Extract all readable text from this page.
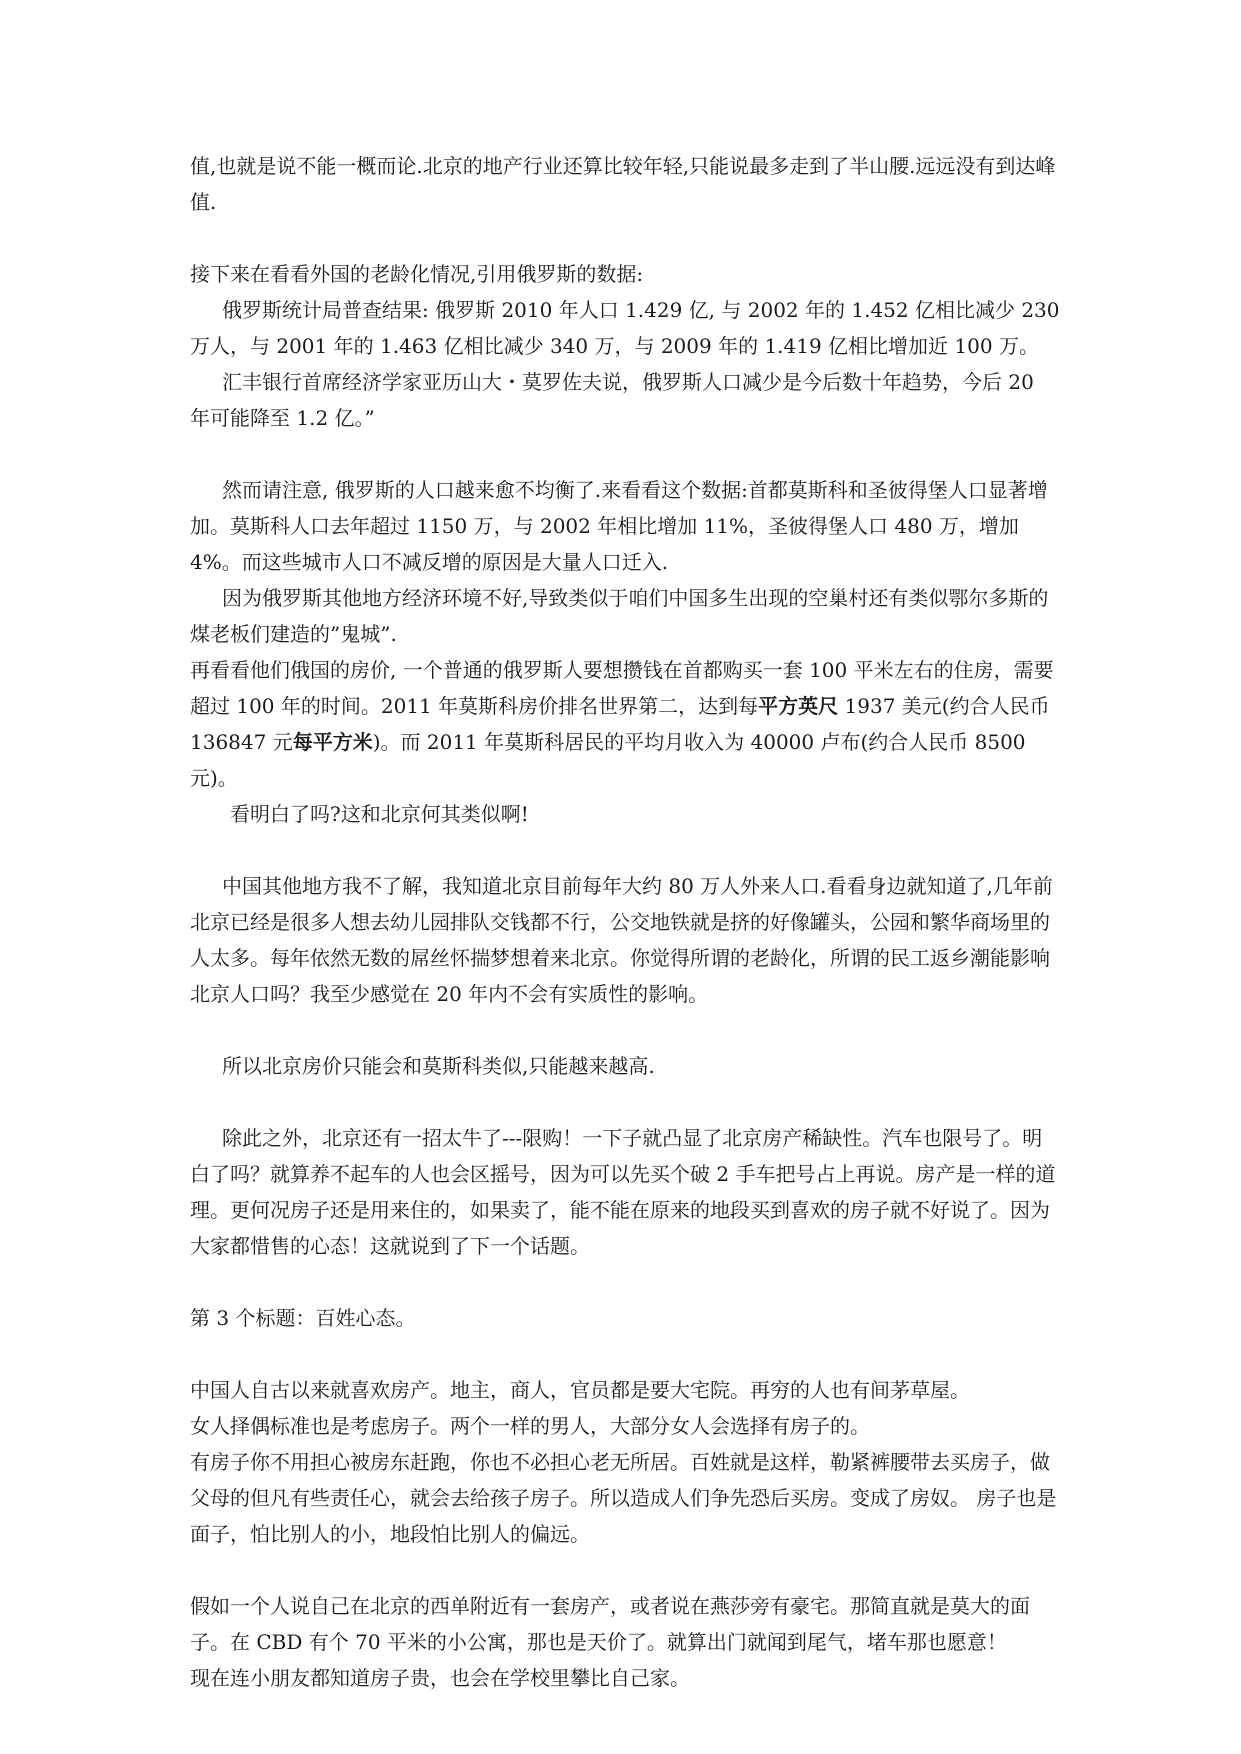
值,也就是说不能一概而论.北京的地产行业还算比较年轻,只能说最多走到了半山腰.远远没有到达峰值.

接下来在看看外国的老龄化情况,引用俄罗斯的数据:

俄罗斯统计局普查结果: 俄罗斯 2010 年人口 1.429 亿, 与 2002 年的 1.452 亿相比减少 230 万人，与 2001 年的 1.463 亿相比减少 340 万，与 2009 年的 1.419 亿相比增加近 100 万。

汇丰银行首席经济学家亚历山大・莫罗佐夫说，俄罗斯人口减少是今后数十年趋势，今后 20 年可能降至 1.2 亿。”

然而请注意, 俄罗斯的人口越来愈不均衡了.来看看这个数据:首都莫斯科和圣彼得堡人口显著增加。莫斯科人口去年超过 1150 万，与 2002 年相比增加 11%，圣彼得堡人口 480 万，增加 4%。而这些城市人口不减反增的原因是大量人口迁入.

因为俄罗斯其他地方经济环境不好,导致类似于咱们中国多生出现的空巢村还有类似鄂尔多斯的煤老板们建造的”鬼城”.

再看看他们俄国的房价, 一个普通的俄罗斯人要想攒钱在首都购买一套 100 平米左右的住房，需要超过 100 年的时间。2011 年莫斯科房价排名世界第二，达到每平方英尺 1937 美元(约合人民币 136847 元每平方米)。而 2011 年莫斯科居民的平均月收入为 40000 卢布(约合人民币 8500 元)。

看明白了吗?这和北京何其类似啊!

中国其他地方我不了解，我知道北京目前每年大约 80 万人外来人口.看看身边就知道了,几年前北京已经是很多人想去幼儿园排队交钱都不行，公交地铁就是挤的好像罐头，公园和繁华商场里的人太多。每年依然无数的屌丝怀揣梦想着来北京。你觉得所谓的老龄化，所谓的民工返乡潮能影响北京人口吗？我至少感觉在 20 年内不会有实质性的影响。

所以北京房价只能会和莫斯科类似,只能越来越高.

除此之外，北京还有一招太牛了---限购！一下子就凸显了北京房产稀缺性。汽车也限号了。明白了吗？就算养不起车的人也会区摇号，因为可以先买个破 2 手车把号占上再说。房产是一样的道理。更何况房子还是用来住的，如果卖了，能不能在原来的地段买到喜欢的房子就不好说了。因为大家都惜售的心态！这就说到了下一个话题。

第 3 个标题：百姓心态。

中国人自古以来就喜欢房产。地主，商人，官员都是要大宅院。再穷的人也有间茅草屋。

女人择偶标准也是考虑房子。两个一样的男人，大部分女人会选择有房子的。

有房子你不用担心被房东赶跑，你也不必担心老无所居。百姓就是这样，勒紧裤腰带去买房子，做父母的但凡有些责任心，就会去给孩子房子。所以造成人们争先恐后买房。变成了房奴。 房子也是面子，怕比别人的小，地段怕比别人的偏远。

假如一个人说自己在北京的西单附近有一套房产，或者说在燕莎旁有豪宅。那简直就是莫大的面子。在 CBD 有个 70 平米的小公寓，那也是天价了。就算出门就闻到尾气，堵车那也愿意！

现在连小朋友都知道房子贵，也会在学校里攀比自己家。
